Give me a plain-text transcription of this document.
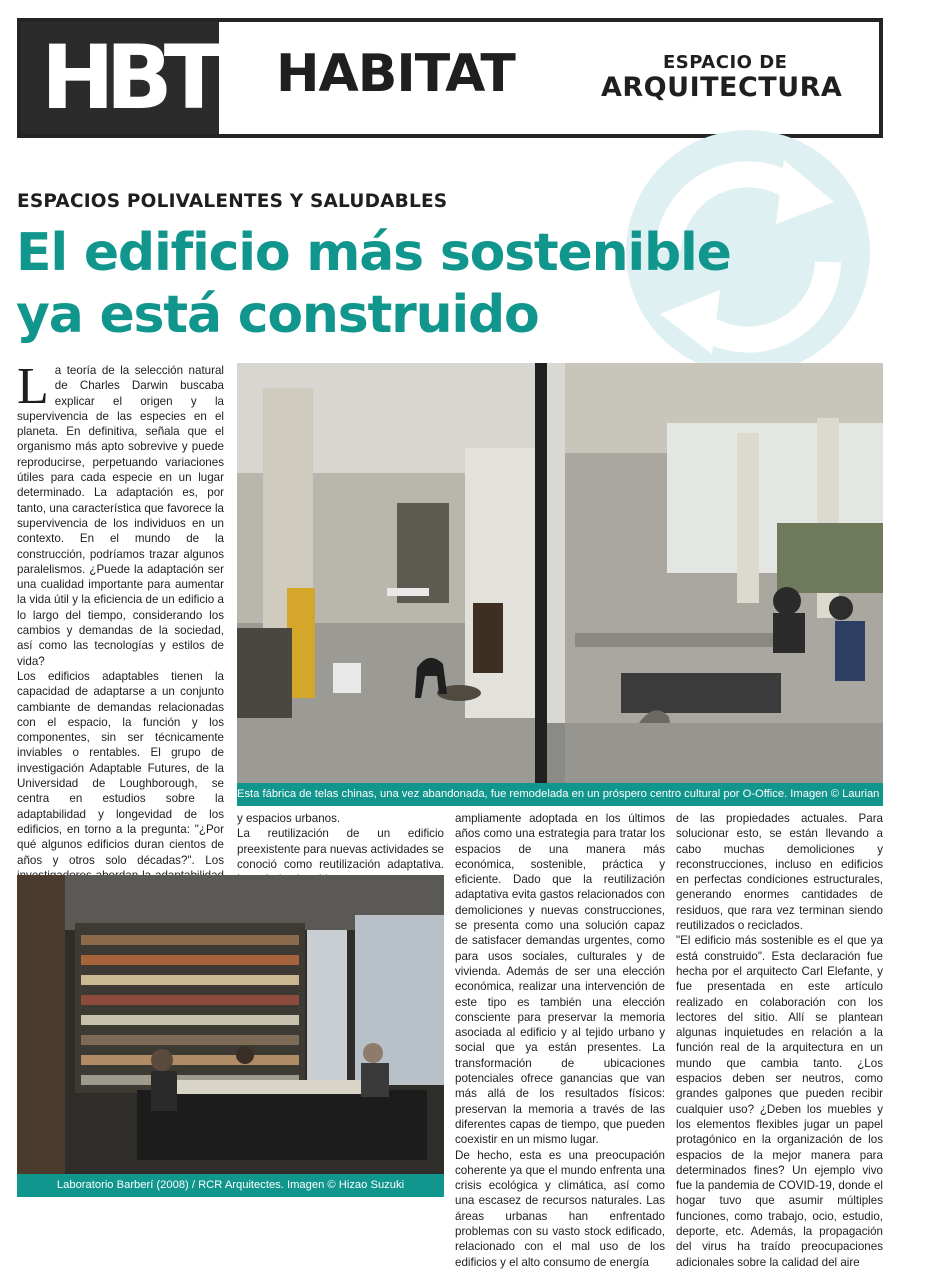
HBT HABITAT	ESPACIO DE
ARQUITECTURA
ESPACIOS POLIVALENTES Y SALUDABLES
El edificio más sostenible
ya está construido
L a teoría de la selección natural de Charles Darwin buscaba explicar el origen y la supervivencia de las especies en el planeta. En definitiva, señala que el organismo más apto sobrevive y puede reproducirse, perpetuando variaciones útiles para cada especie en un lugar determinado. La adaptación es, por tanto, una característica que favorece la supervivencia de los individuos en un contexto. En el mundo de la construcción, podríamos trazar algunos paralelismos. ¿Puede la adaptación ser una cualidad importante para aumentar la vida útil y la eficiencia de un edificio a lo largo del tiempo, considerando los cambios y demandas de la sociedad, así como las tecnologías y estilos de vida?

Los edificios adaptables tienen la capacidad de adaptarse a un conjunto cambiante de demandas relacionadas con el espacio, la función y los componentes, sin ser técnicamente inviables o rentables. El grupo de investigación Adaptable Futures, de la Universidad de Loughborough, se centra en estudios sobre la adaptabilidad y longevidad de los edificios, en torno a la pregunta: "¿Por qué algunos edificios duran cientos de años y otros solo décadas?". Los

Esta fábrica de telas chinas, una vez abandonada, fue remodelada en un próspero centro cultural por O-Office. Imagen © Laurian Ghinitoiu

y espacios urbanos.

La reutilización de un edificio preexistente para nuevas actividades se conoció como reutilización adaptativa.

ampliamente adoptada en los últimos años como una estrategia para tratar los espacios de una manera más económica, sostenible, práctica y eficiente. Dado que la reutilización adaptativa evita gastos relacionados con demoliciones y nuevas construcciones, se presenta como una solución capaz de satisfacer demandas urgentes, como para usos sociales, culturales y de vivienda. Además de ser una elección económica, realizar una intervención de este tipo es también una elección consciente para preservar la memoria asociada al edificio y al tejido urbano y social que ya están presentes. La transformación de ubicaciones potenciales ofrece ganancias que van más allá de los resultados físicos: preservan la memoria a través de las diferentes capas de tiempo, que pueden coexistir en un mismo lugar.

De hecho, esta es una preocupación coherente ya que el mundo enfrenta una crisis ecológica y climática, así como una escasez de recursos naturales. Las áreas urbanas han enfrentado problemas con su vasto stock edificado, relacionado con el mal uso de los edificios y el alto consumo de energía

de las propiedades actuales. Para solucionar esto, se están llevando a cabo muchas demoliciones y reconstrucciones, incluso en edificios en perfectas condiciones estructurales, generando enormes cantidades de residuos, que rara vez terminan siendo reutilizados o reciclados.

"El edificio más sostenible es el que ya está construido". Esta declaración fue hecha por el arquitecto Carl Elefante, y fue presentada en este artículo realizado en colaboración con los lectores del sitio. Allí se plantean algunas inquietudes en relación a la función real de la arquitectura en un mundo que cambia tanto. ¿Los espacios deben ser neutros, como grandes galpones que pueden recibir cualquier uso? ¿Deben los muebles y los elementos flexibles jugar un papel protagónico en la organización de los espacios de la mejor manera para determinados fines? Un ejemplo vivo fue la pandemia de COVID-19, donde el hogar tuvo que asumir múltiples funciones, como trabajo, ocio, estudio, deporte, etc. Además, la propagación del virus ha traído preocupaciones adicionales sobre la calidad del aire

Laboratorio Barberí (2008) / RCR Arquitectes. Imagen © Hizao Suzuki
